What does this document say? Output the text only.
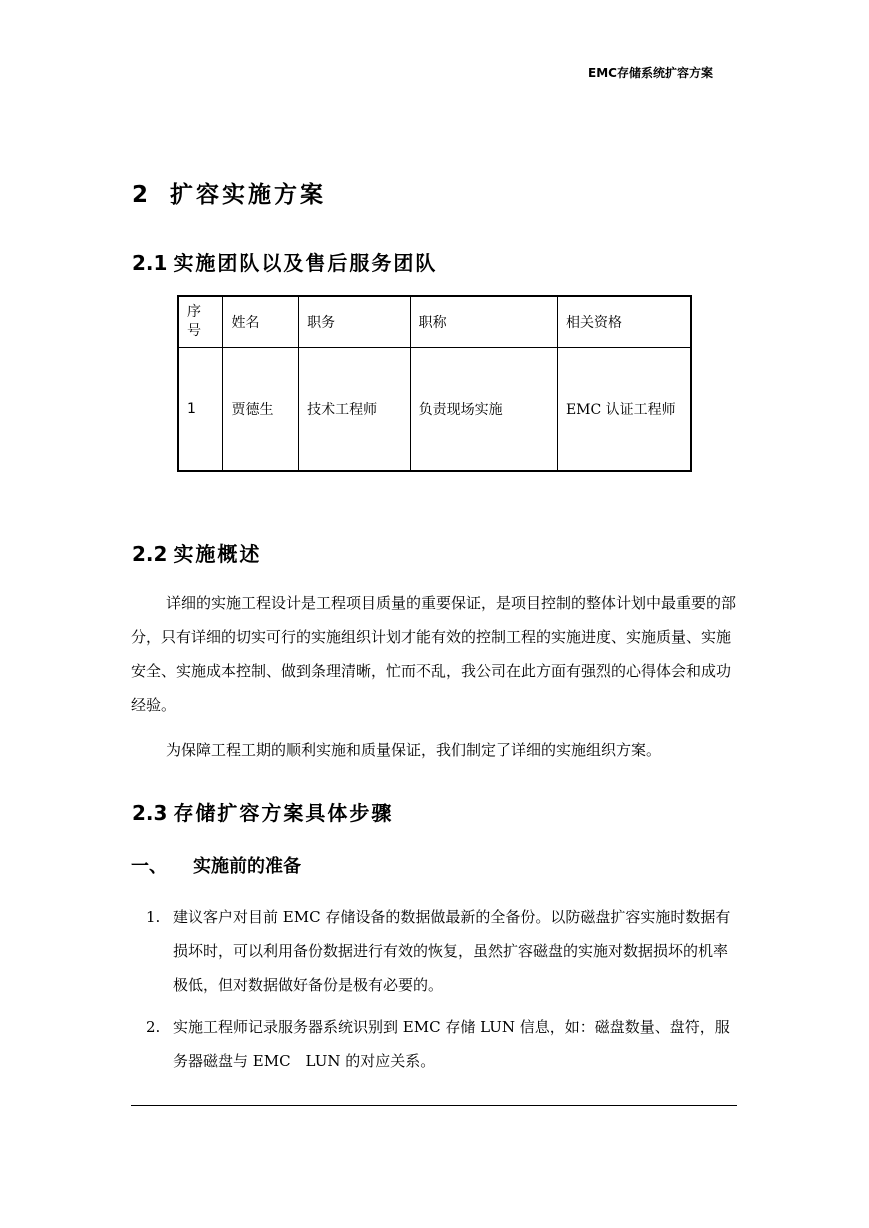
EMC存储系统扩容方案
2 扩容实施方案
2.1 实施团队以及售后服务团队
序号	姓名	职务	职称	相关资格
1	贾德生	技术工程师	负责现场实施	EMC 认证工程师
2.2 实施概述

详细的实施工程设计是工程项目质量的重要保证，是项目控制的整体计划中最重要的部分，只有详细的切实可行的实施组织计划才能有效的控制工程的实施进度、实施质量、实施安全、实施成本控制、做到条理清晰，忙而不乱，我公司在此方面有强烈的心得体会和成功经验。

为保障工程工期的顺利实施和质量保证，我们制定了详细的实施组织方案。

2.3 存储扩容方案具体步骤
一、 实施前的准备
1. 建议客户对目前 EMC 存储设备的数据做最新的全备份。以防磁盘扩容实施时数据有损坏时，可以利用备份数据进行有效的恢复，虽然扩容磁盘的实施对数据损坏的机率极低，但对数据做好备份是极有必要的。
2. 实施工程师记录服务器系统识别到 EMC 存储 LUN 信息，如：磁盘数量、盘符，服务器磁盘与 EMC　LUN 的对应关系。
